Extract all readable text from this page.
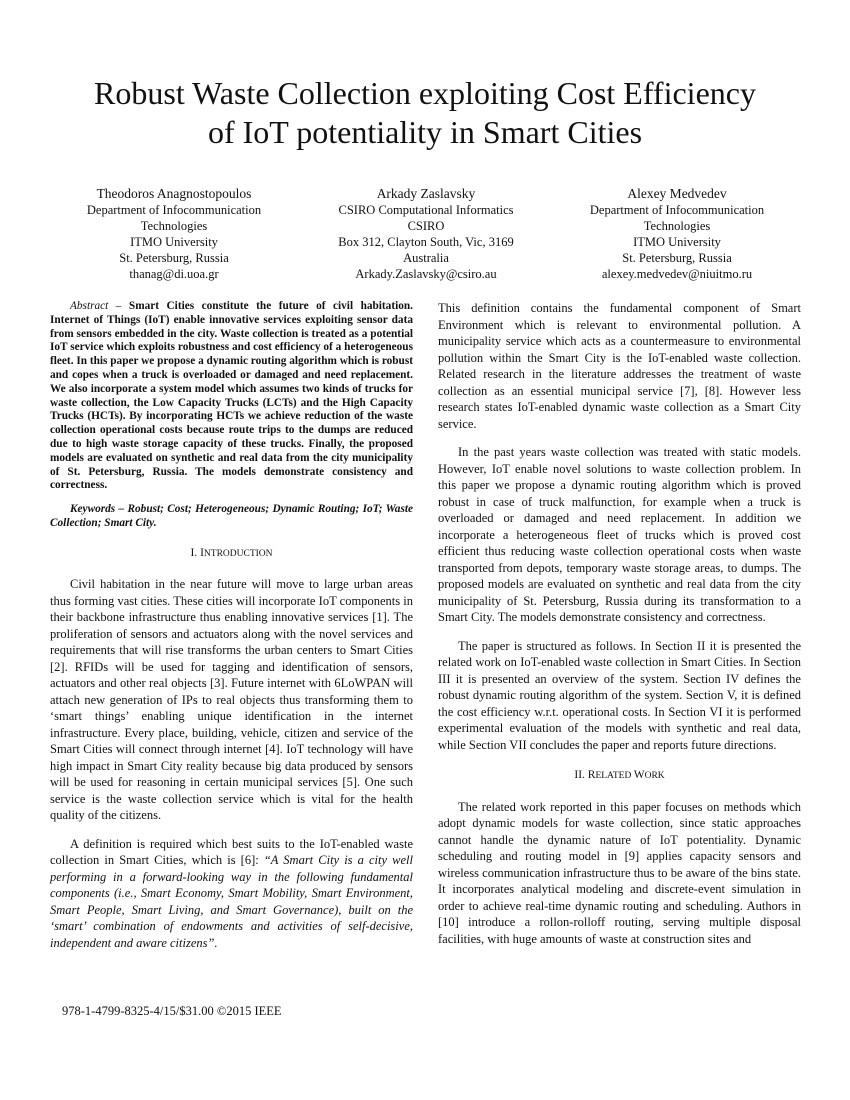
Robust Waste Collection exploiting Cost Efficiency
of IoT potentiality in Smart Cities
Theodoros Anagnostopoulos
Department of Infocommunication
Technologies
ITMO University
St. Petersburg, Russia
thanag@di.uoa.gr
Arkady Zaslavsky
CSIRO Computational Informatics
CSIRO
Box 312, Clayton South, Vic, 3169
Australia
Arkady.Zaslavsky@csiro.au
Alexey Medvedev
Department of Infocommunication
Technologies
ITMO University
St. Petersburg, Russia
alexey.medvedev@niuitmo.ru

Abstract – Smart Cities constitute the future of civil habitation. Internet of Things (IoT) enable innovative services exploiting sensor data from sensors embedded in the city. Waste collection is treated as a potential IoT service which exploits robustness and cost efficiency of a heterogeneous fleet. In this paper we propose a dynamic routing algorithm which is robust and copes when a truck is overloaded or damaged and need replacement. We also incorporate a system model which assumes two kinds of trucks for waste collection, the Low Capacity Trucks (LCTs) and the High Capacity Trucks (HCTs). By incorporating HCTs we achieve reduction of the waste collection operational costs because route trips to the dumps are reduced due to high waste storage capacity of these trucks. Finally, the proposed models are evaluated on synthetic and real data from the city municipality of St. Petersburg, Russia. The models demonstrate consistency and correctness.

Keywords – Robust; Cost; Heterogeneous; Dynamic Routing; IoT; Waste Collection; Smart City.

I. INTRODUCTION

Civil habitation in the near future will move to large urban areas thus forming vast cities. These cities will incorporate IoT components in their backbone infrastructure thus enabling innovative services [1]. The proliferation of sensors and actuators along with the novel services and requirements that will rise transforms the urban centers to Smart Cities [2]. RFIDs will be used for tagging and identification of sensors, actuators and other real objects [3]. Future internet with 6LoWPAN will attach new generation of IPs to real objects thus transforming them to ‘smart things’ enabling unique identification in the internet infrastructure. Every place, building, vehicle, citizen and service of the Smart Cities will connect through internet [4]. IoT technology will have high impact in Smart City reality because big data produced by sensors will be used for reasoning in certain municipal services [5]. One such service is the waste collection service which is vital for the health quality of the citizens.

A definition is required which best suits to the IoT-enabled waste collection in Smart Cities, which is [6]: “A Smart City is a city well performing in a forward-looking way in the following fundamental components (i.e., Smart Economy, Smart Mobility, Smart Environment, Smart People, Smart Living, and Smart Governance), built on the ‘smart’ combination of endowments and activities of self-decisive, independent and aware citizens”.

This definition contains the fundamental component of Smart Environment which is relevant to environmental pollution. A municipality service which acts as a countermeasure to environmental pollution within the Smart City is the IoT-enabled waste collection. Related research in the literature addresses the treatment of waste collection as an essential municipal service [7], [8]. However less research states IoT-enabled dynamic waste collection as a Smart City service.

In the past years waste collection was treated with static models. However, IoT enable novel solutions to waste collection problem. In this paper we propose a dynamic routing algorithm which is proved robust in case of truck malfunction, for example when a truck is overloaded or damaged and need replacement. In addition we incorporate a heterogeneous fleet of trucks which is proved cost efficient thus reducing waste collection operational costs when waste transported from depots, temporary waste storage areas, to dumps. The proposed models are evaluated on synthetic and real data from the city municipality of St. Petersburg, Russia during its transformation to a Smart City. The models demonstrate consistency and correctness.

The paper is structured as follows. In Section II it is presented the related work on IoT-enabled waste collection in Smart Cities. In Section III it is presented an overview of the system. Section IV defines the robust dynamic routing algorithm of the system. Section V, it is defined the cost efficiency w.r.t. operational costs. In Section VI it is performed experimental evaluation of the models with synthetic and real data, while Section VII concludes the paper and reports future directions.

II. RELATED WORK

The related work reported in this paper focuses on methods which adopt dynamic models for waste collection, since static approaches cannot handle the dynamic nature of IoT potentiality. Dynamic scheduling and routing model in [9] applies capacity sensors and wireless communication infrastructure thus to be aware of the bins state. It incorporates analytical modeling and discrete-event simulation in order to achieve real-time dynamic routing and scheduling. Authors in [10] introduce a rollon-rolloff routing, serving multiple disposal facilities, with huge amounts of waste at construction sites and

978-1-4799-8325-4/15/$31.00 ©2015 IEEE
